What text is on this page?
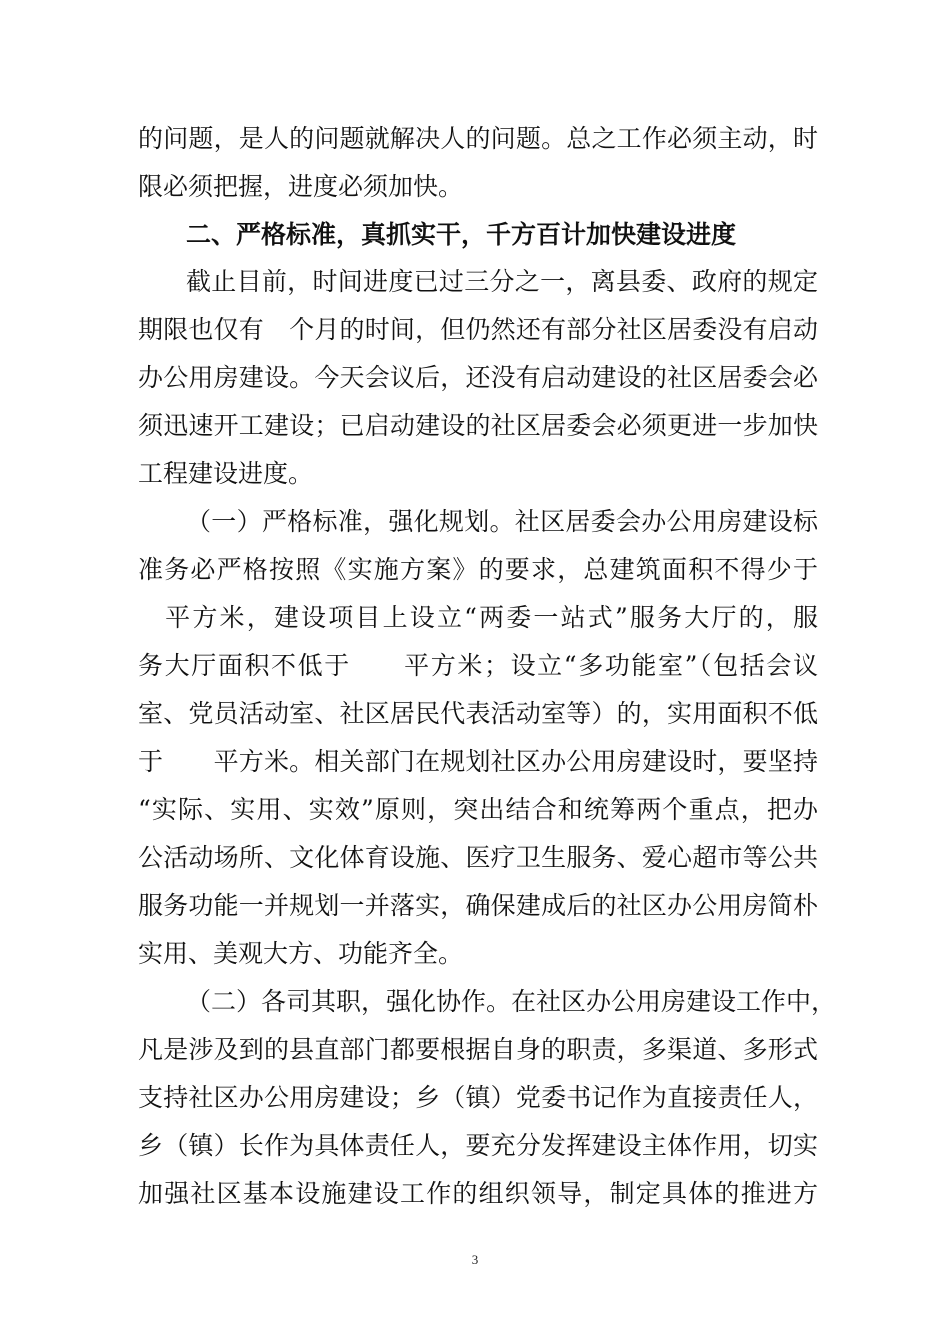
的问题，是人的问题就解决人的问题。总之工作必须主动，时
限必须把握，进度必须加快。
二、严格标准，真抓实干，千方百计加快建设进度
截止目前，时间进度已过三分之一，离县委、政府的规定
期限也仅有　个月的时间，但仍然还有部分社区居委没有启动
办公用房建设。今天会议后，还没有启动建设的社区居委会必
须迅速开工建设；已启动建设的社区居委会必须更进一步加快
工程建设进度。
（一）严格标准，强化规划。社区居委会办公用房建设标
准务必严格按照《实施方案》的要求，总建筑面积不得少于
　平方米，建设项目上设立“两委一站式”服务大厅的，服
务大厅面积不低于　　平方米；设立“多功能室”（包括会议
室、党员活动室、社区居民代表活动室等）的，实用面积不低
于　　平方米。相关部门在规划社区办公用房建设时，要坚持
“实际、实用、实效”原则，突出结合和统筹两个重点，把办
公活动场所、文化体育设施、医疗卫生服务、爱心超市等公共
服务功能一并规划一并落实，确保建成后的社区办公用房简朴
实用、美观大方、功能齐全。
（二）各司其职，强化协作。在社区办公用房建设工作中，
凡是涉及到的县直部门都要根据自身的职责，多渠道、多形式
支持社区办公用房建设；乡（镇）党委书记作为直接责任人，
乡（镇）长作为具体责任人，要充分发挥建设主体作用，切实
加强社区基本设施建设工作的组织领导，制定具体的推进方
3
